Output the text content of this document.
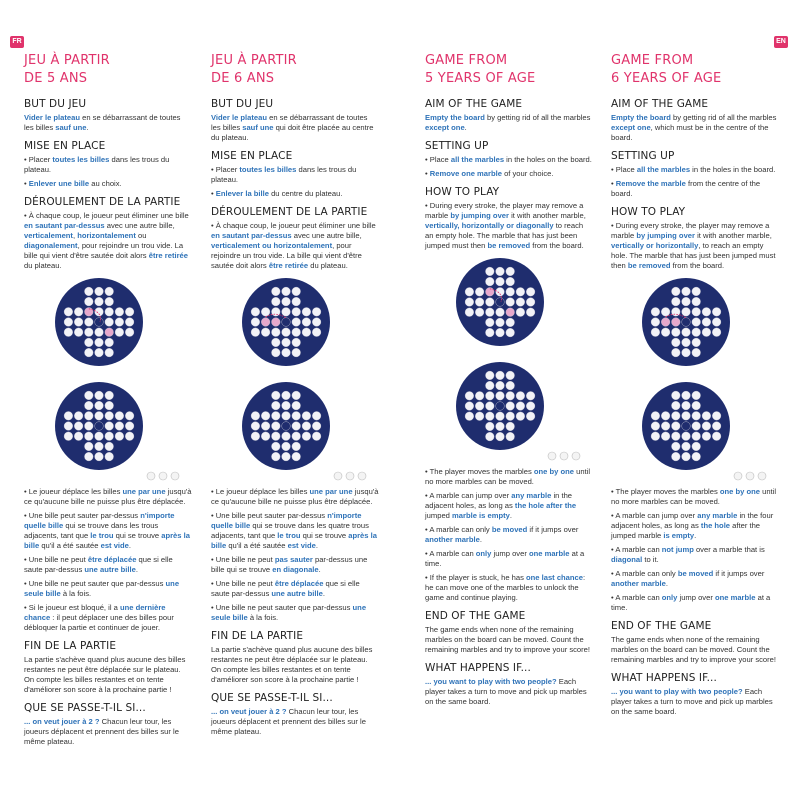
FR	EN
JEU À PARTIR
DE 5 ANS
BUT DU JEU

Vider le plateau en se débarrassant de toutes les billes sauf une.

MISE EN PLACE
• Placer toutes les billes dans les trous du plateau.
• Enlever une bille au choix.
DÉROULEMENT DE LA PARTIE

• À chaque coup, le joueur peut éliminer une bille en sautant par-dessus avec une autre bille, verticalement, horizontalement ou diagonalement, pour rejoindre un trou vide. La bille qui vient d'être sautée doit alors être retirée du plateau.

• Le joueur déplace les billes une par une jusqu'à ce qu'aucune bille ne puisse plus être déplacée.
• Une bille peut sauter par-dessus n'importe quelle bille qui se trouve dans les trous adjacents, tant que le trou qui se trouve après la bille qu'il a été sautée est vide.
• Une bille ne peut être déplacée que si elle saute par-dessus une autre bille.
• Une bille ne peut sauter que par-dessus une seule bille à la fois.
• Si le joueur est bloqué, il a une dernière chance : il peut déplacer une des billes pour débloquer la partie et continuer de jouer.
FIN DE LA PARTIE

La partie s'achève quand plus aucune des billes restantes ne peut être déplacée sur le plateau. On compte les billes restantes et on tente d'améliorer son score à la prochaine partie !

QUE SE PASSE-T-IL SI...

... on veut jouer à 2 ? Chacun leur tour, les joueurs déplacent et prennent des billes sur le même plateau.

JEU À PARTIR
DE 6 ANS
BUT DU JEU

Vider le plateau en se débarrassant de toutes les billes sauf une qui doit être placée au centre du plateau.

MISE EN PLACE
• Placer toutes les billes dans les trous du plateau.
• Enlever la bille du centre du plateau.
DÉROULEMENT DE LA PARTIE

• À chaque coup, le joueur peut éliminer une bille en sautant par-dessus avec une autre bille, verticalement ou horizontalement, pour rejoindre un trou vide. La bille qui vient d'être sautée doit alors être retirée du plateau.

• Le joueur déplace les billes une par une jusqu'à ce qu'aucune bille ne puisse plus être déplacée.
• Une bille peut sauter par-dessus n'importe quelle bille qui se trouve dans les quatre trous adjacents, tant que le trou qui se trouve après la bille qu'il a été sautée est vide.
• Une bille ne peut pas sauter par-dessus une bille qui se trouve en diagonale.
• Une bille ne peut être déplacée que si elle saute par-dessus une autre bille.
• Une bille ne peut sauter que par-dessus une seule bille à la fois.
FIN DE LA PARTIE

La partie s'achève quand plus aucune des billes restantes ne peut être déplacée sur le plateau. On compte les billes restantes et on tente d'améliorer son score à la prochaine partie !

QUE SE PASSE-T-IL SI...

... on veut jouer à 2 ? Chacun leur tour, les joueurs déplacent et prennent des billes sur le même plateau.

GAME FROM
5 YEARS OF AGE
AIM OF THE GAME

Empty the board by getting rid of all the marbles except one.

SETTING UP
• Place all the marbles in the holes on the board.
• Remove one marble of your choice.
HOW TO PLAY

• During every stroke, the player may remove a marble by jumping over it with another marble, vertically, horizontally or diagonally to reach an empty hole. The marble that has just been jumped must then be removed from the board.

• The player moves the marbles one by one until no more marbles can be moved.
• A marble can jump over any marble in the adjacent holes, as long as the hole after the jumped marble is empty.
• A marble can only be moved if it jumps over another marble.
• A marble can only jump over one marble at a time.
• If the player is stuck, he has one last chance: he can move one of the marbles to unlock the game and continue playing.
END OF THE GAME

The game ends when none of the remaining marbles on the board can be moved. Count the remaining marbles and try to improve your score!

WHAT HAPPENS IF...

... you want to play with two people? Each player takes a turn to move and pick up marbles on the same board.

GAME FROM
6 YEARS OF AGE
AIM OF THE GAME

Empty the board by getting rid of all the marbles except one, which must be in the centre of the board.

SETTING UP
• Place all the marbles in the holes in the board.
• Remove the marble from the centre of the board.
HOW TO PLAY

• During every stroke, the player may remove a marble by jumping over it with another marble, vertically or horizontally, to reach an empty hole. The marble that has just been jumped must then be removed from the board.

• The player moves the marbles one by one until no more marbles can be moved.
• A marble can jump over any marble in the four adjacent holes, as long as the hole after the jumped marble is empty.
• A marble can not jump over a marble that is diagonal to it.
• A marble can only be moved if it jumps over another marble.
• A marble can only jump over one marble at a time.
END OF THE GAME

The game ends when none of the remaining marbles on the board can be moved. Count the remaining marbles and try to improve your score!

WHAT HAPPENS IF...

... you want to play with two people? Each player takes a turn to move and pick up marbles on the same board.
